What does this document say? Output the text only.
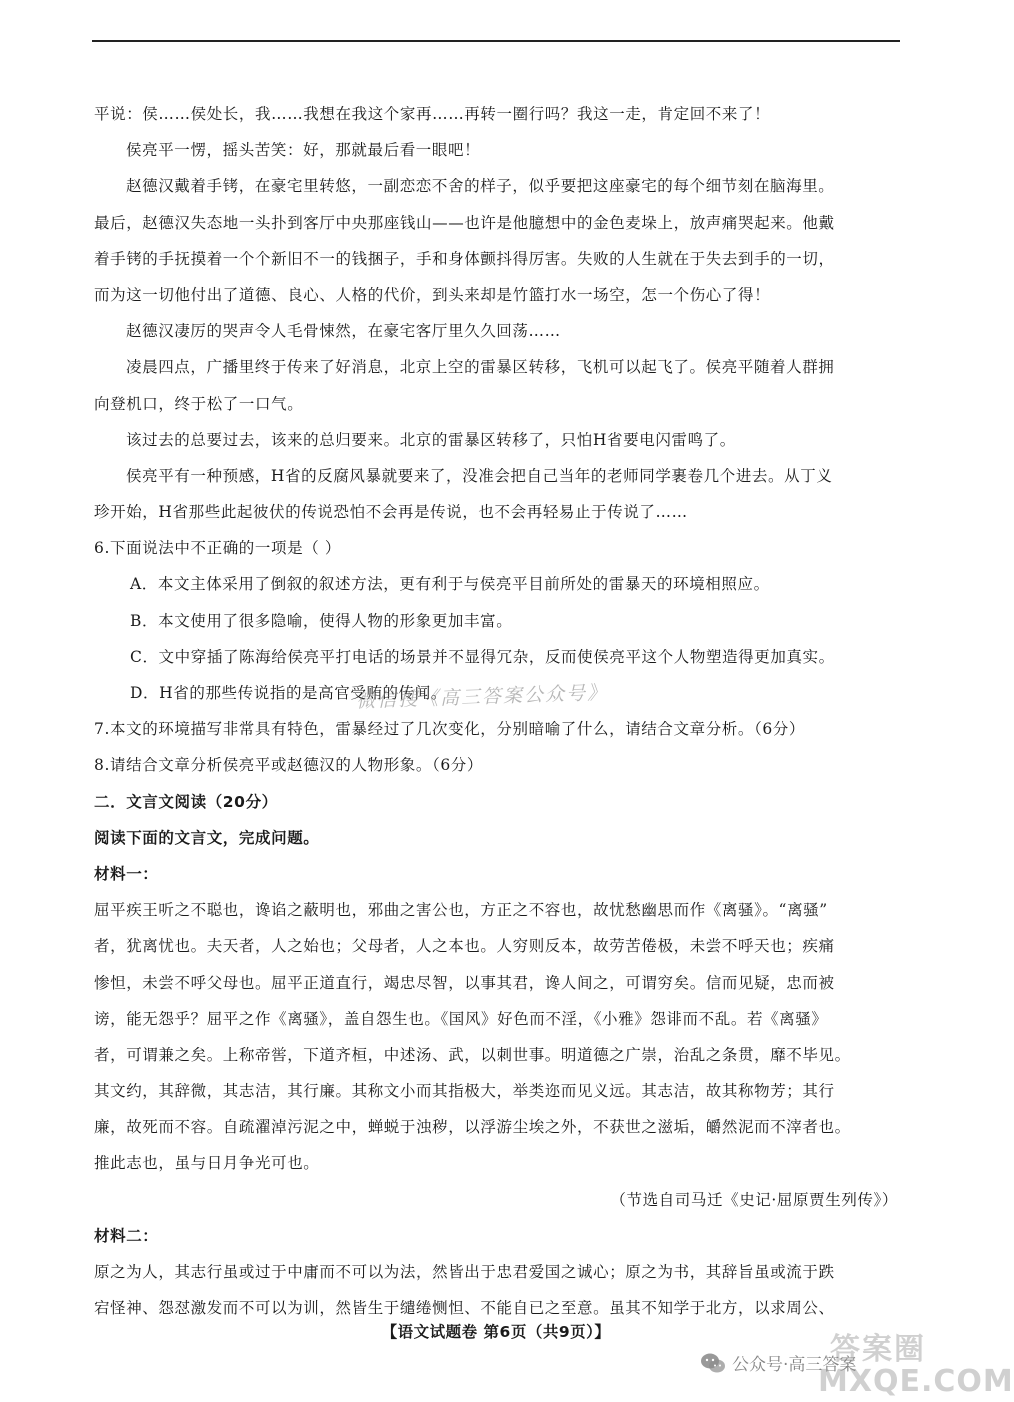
平说：侯……侯处长，我……我想在我这个家再……再转一圈行吗？我这一走，肯定回不来了！
侯亮平一愣，摇头苦笑：好，那就最后看一眼吧！
赵德汉戴着手铐，在豪宅里转悠，一副恋恋不舍的样子，似乎要把这座豪宅的每个细节刻在脑海里。
最后，赵德汉失态地一头扑到客厅中央那座钱山——也许是他臆想中的金色麦垛上，放声痛哭起来。他戴
着手铐的手抚摸着一个个新旧不一的钱捆子，手和身体颤抖得厉害。失败的人生就在于失去到手的一切，
而为这一切他付出了道德、良心、人格的代价，到头来却是竹篮打水一场空，怎一个伤心了得！
赵德汉凄厉的哭声令人毛骨悚然，在豪宅客厅里久久回荡……
凌晨四点，广播里终于传来了好消息，北京上空的雷暴区转移，飞机可以起飞了。侯亮平随着人群拥
向登机口，终于松了一口气。
该过去的总要过去，该来的总归要来。北京的雷暴区转移了，只怕H省要电闪雷鸣了。
侯亮平有一种预感，H省的反腐风暴就要来了，没准会把自己当年的老师同学裹卷几个进去。从丁义
珍开始，H省那些此起彼伏的传说恐怕不会再是传说，也不会再轻易止于传说了……
6.下面说法中不正确的一项是（ ）
A．本文主体采用了倒叙的叙述方法，更有利于与侯亮平目前所处的雷暴天的环境相照应。
B．本文使用了很多隐喻，使得人物的形象更加丰富。
C．文中穿插了陈海给侯亮平打电话的场景并不显得冗杂，反而使侯亮平这个人物塑造得更加真实。
D．H省的那些传说指的是高官受贿的传闻。
7.本文的环境描写非常具有特色，雷暴经过了几次变化，分别暗喻了什么，请结合文章分析。（6分）
8.请结合文章分析侯亮平或赵德汉的人物形象。（6分）
二．文言文阅读（20分）
阅读下面的文言文，完成问题。
材料一：
屈平疾王听之不聪也，谗谄之蔽明也，邪曲之害公也，方正之不容也，故忧愁幽思而作《离骚》。“离骚”
者，犹离忧也。夫天者，人之始也；父母者，人之本也。人穷则反本，故劳苦倦极，未尝不呼天也；疾痛
惨怛，未尝不呼父母也。屈平正道直行，竭忠尽智，以事其君，谗人间之，可谓穷矣。信而见疑，忠而被
谤，能无怨乎？屈平之作《离骚》，盖自怨生也。《国风》好色而不淫，《小雅》怨诽而不乱。若《离骚》
者，可谓兼之矣。上称帝喾，下道齐桓，中述汤、武，以刺世事。明道德之广崇，治乱之条贯，靡不毕见。
其文约，其辞微，其志洁，其行廉。其称文小而其指极大，举类迩而见义远。其志洁，故其称物芳；其行
廉，故死而不容。自疏濯淖污泥之中，蝉蜕于浊秽，以浮游尘埃之外，不获世之滋垢，皭然泥而不滓者也。
推此志也，虽与日月争光可也。
（节选自司马迁《史记·屈原贾生列传》）
材料二：
原之为人，其志行虽或过于中庸而不可以为法，然皆出于忠君爱国之诚心；原之为书，其辞旨虽或流于跌
宕怪神、怨怼激发而不可以为训，然皆生于缱绻恻怛、不能自已之至意。虽其不知学于北方，以求周公、
微信搜《高三答案公众号》
【语文试题卷 第6页（共9页）】
公众号·高三答案
答案圈
MXQE.COM
